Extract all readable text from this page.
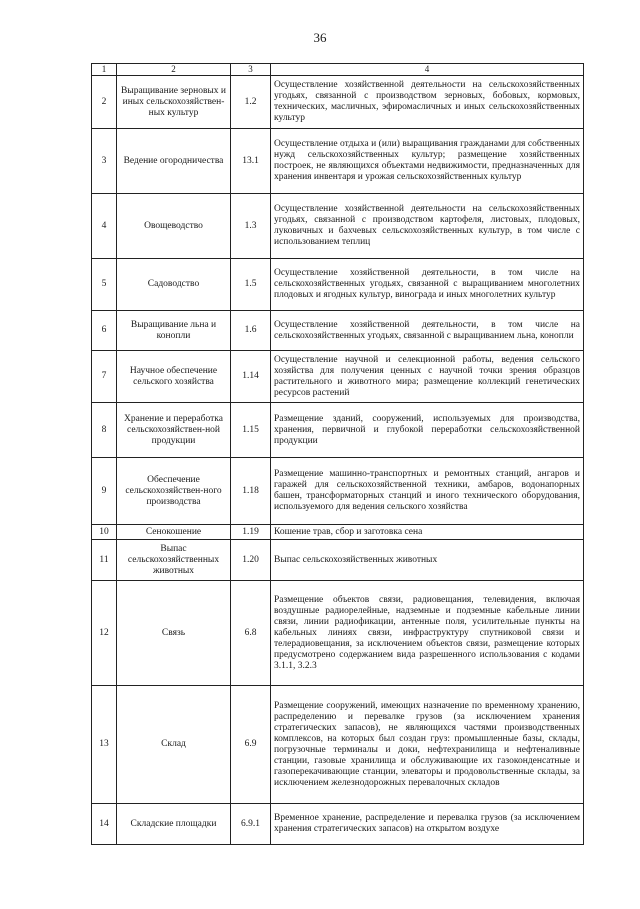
36
1	2	3	4
2	Выращивание зерновых и иных сельскохозяйствен-ных культур	1.2	Осуществление хозяйственной деятельности на сельскохозяйственных угодьях, связанной с производством зерновых, бобовых, кормовых, технических, масличных, эфиромасличных и иных сельскохозяйственных культур
3	Ведение огородничества	13.1	Осуществление отдыха и (или) выращивания гражданами для собственных нужд сельскохозяйственных культур; размещение хозяйственных построек, не являющихся объектами недвижимости, предназначенных для хранения инвентаря и урожая сельскохозяйственных культур
4	Овощеводство	1.3	Осуществление хозяйственной деятельности на сельскохозяйственных угодьях, связанной с производством картофеля, листовых, плодовых, луковичных и бахчевых сельскохозяйственных культур, в том числе с использованием теплиц
5	Садоводство	1.5	Осуществление хозяйственной деятельности, в том числе на сельскохозяйственных угодьях, связанной с выращиванием многолетних плодовых и ягодных культур, винограда и иных многолетних культур
6	Выращивание льна и конопли	1.6	Осуществление хозяйственной деятельности, в том числе на сельскохозяйственных угодьях, связанной с выращиванием льна, конопли
7	Научное обеспечение сельского хозяйства	1.14	Осуществление научной и селекционной работы, ведения сельского хозяйства для получения ценных с научной точки зрения образцов растительного и животного мира; размещение коллекций генетических ресурсов растений
8	Хранение и переработка сельскохозяйствен-ной продукции	1.15	Размещение зданий, сооружений, используемых для производства, хранения, первичной и глубокой переработки сельскохозяйственной продукции
9	Обеспечение сельскохозяйствен-ного производства	1.18	Размещение машинно-транспортных и ремонтных станций, ангаров и гаражей для сельскохозяйственной техники, амбаров, водонапорных башен, трансформаторных станций и иного технического оборудования, используемого для ведения сельского хозяйства
10	Сенокошение	1.19	Кошение трав, сбор и заготовка сена
11	Выпас сельскохозяйственных животных	1.20	Выпас сельскохозяйственных животных
12	Связь	6.8	Размещение объектов связи, радиовещания, телевидения, включая воздушные радиорелейные, надземные и подземные кабельные линии связи, линии радиофикации, антенные поля, усилительные пункты на кабельных линиях связи, инфраструктуру спутниковой связи и телерадиовещания, за исключением объектов связи, размещение которых предусмотрено содержанием вида разрешенного использования с кодами 3.1.1, 3.2.3
13	Склад	6.9	Размещение сооружений, имеющих назначение по временному хранению, распределению и перевалке грузов (за исключением хранения стратегических запасов), не являющихся частями производственных комплексов, на которых был создан груз: промышленные базы, склады, погрузочные терминалы и доки, нефтехранилища и нефтеналивные станции, газовые хранилища и обслуживающие их газоконденсатные и газоперекачивающие станции, элеваторы и продовольственные склады, за исключением железнодорожных перевалочных складов
14	Складские площадки	6.9.1	Временное хранение, распределение и перевалка грузов (за исключением хранения стратегических запасов) на открытом воздухе
